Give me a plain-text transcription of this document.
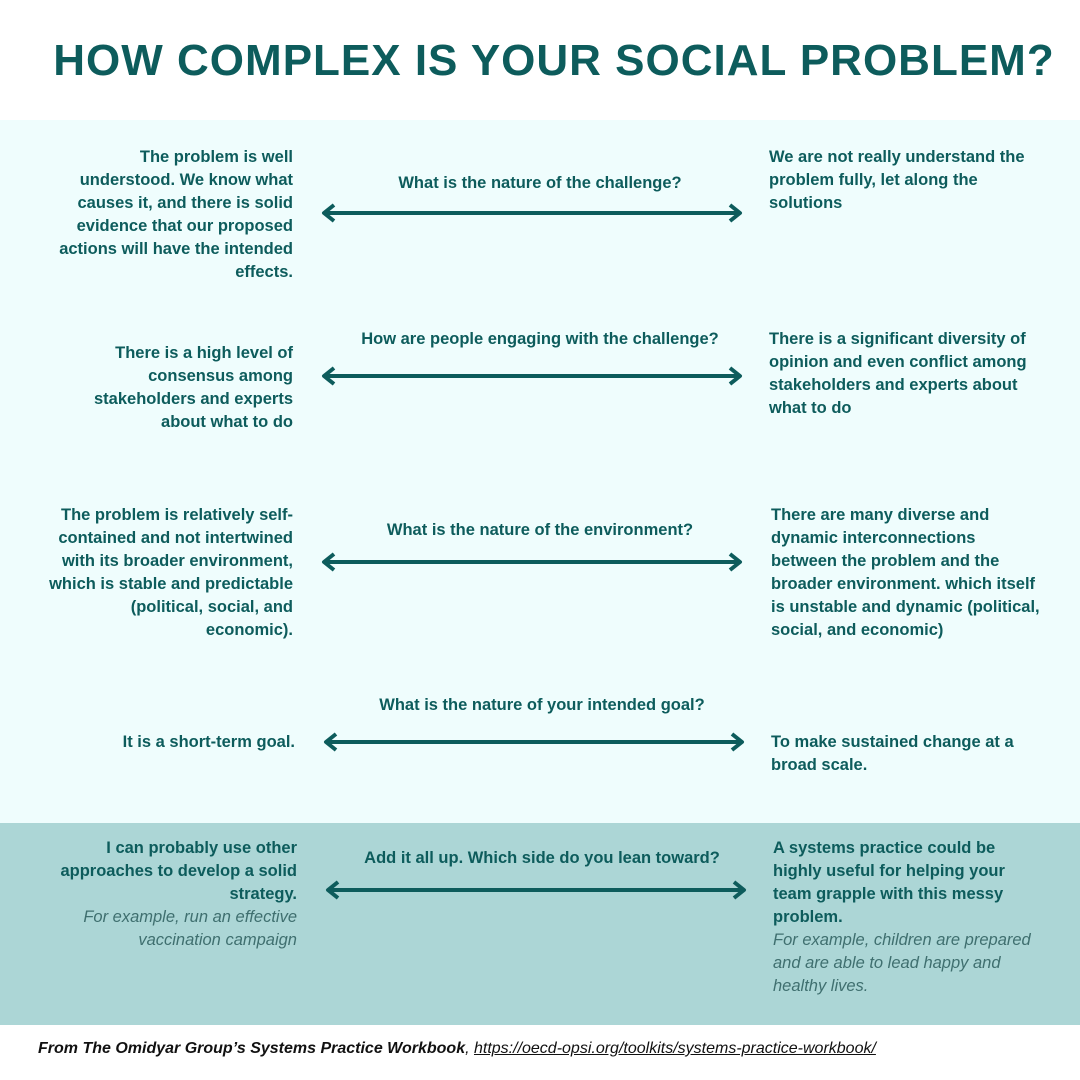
HOW COMPLEX IS YOUR SOCIAL PROBLEM?
The problem is well understood. We know what causes it, and there is solid evidence that our proposed actions will have the intended effects.
What is the nature of the challenge?
We are not really understand the problem fully, let along the solutions
There is a high level of consensus among stakeholders and experts about what to do
How are people engaging with the challenge?	There is a significant diversity of opinion and even conflict among stakeholders and experts about what to do
The problem is relatively self-contained and not intertwined with its broader environment, which is stable and predictable (political, social, and economic).
What is the nature of the environment?
There are many diverse and dynamic interconnections between the problem and the broader environment. which itself is unstable and dynamic (political, social, and economic)
It is a short-term goal.
What is the nature of your intended goal?
To make sustained change at a broad scale.
I can probably use other approaches to develop a solid strategy.
For example, run an effective vaccination campaign
Add it all up. Which side do you lean toward?
A systems practice could be highly useful for helping your team grapple with this messy problem.
For example, children are prepared and are able to lead happy and healthy lives.
From The Omidyar Group’s Systems Practice Workbook, https://oecd-opsi.org/toolkits/systems-practice-workbook/
